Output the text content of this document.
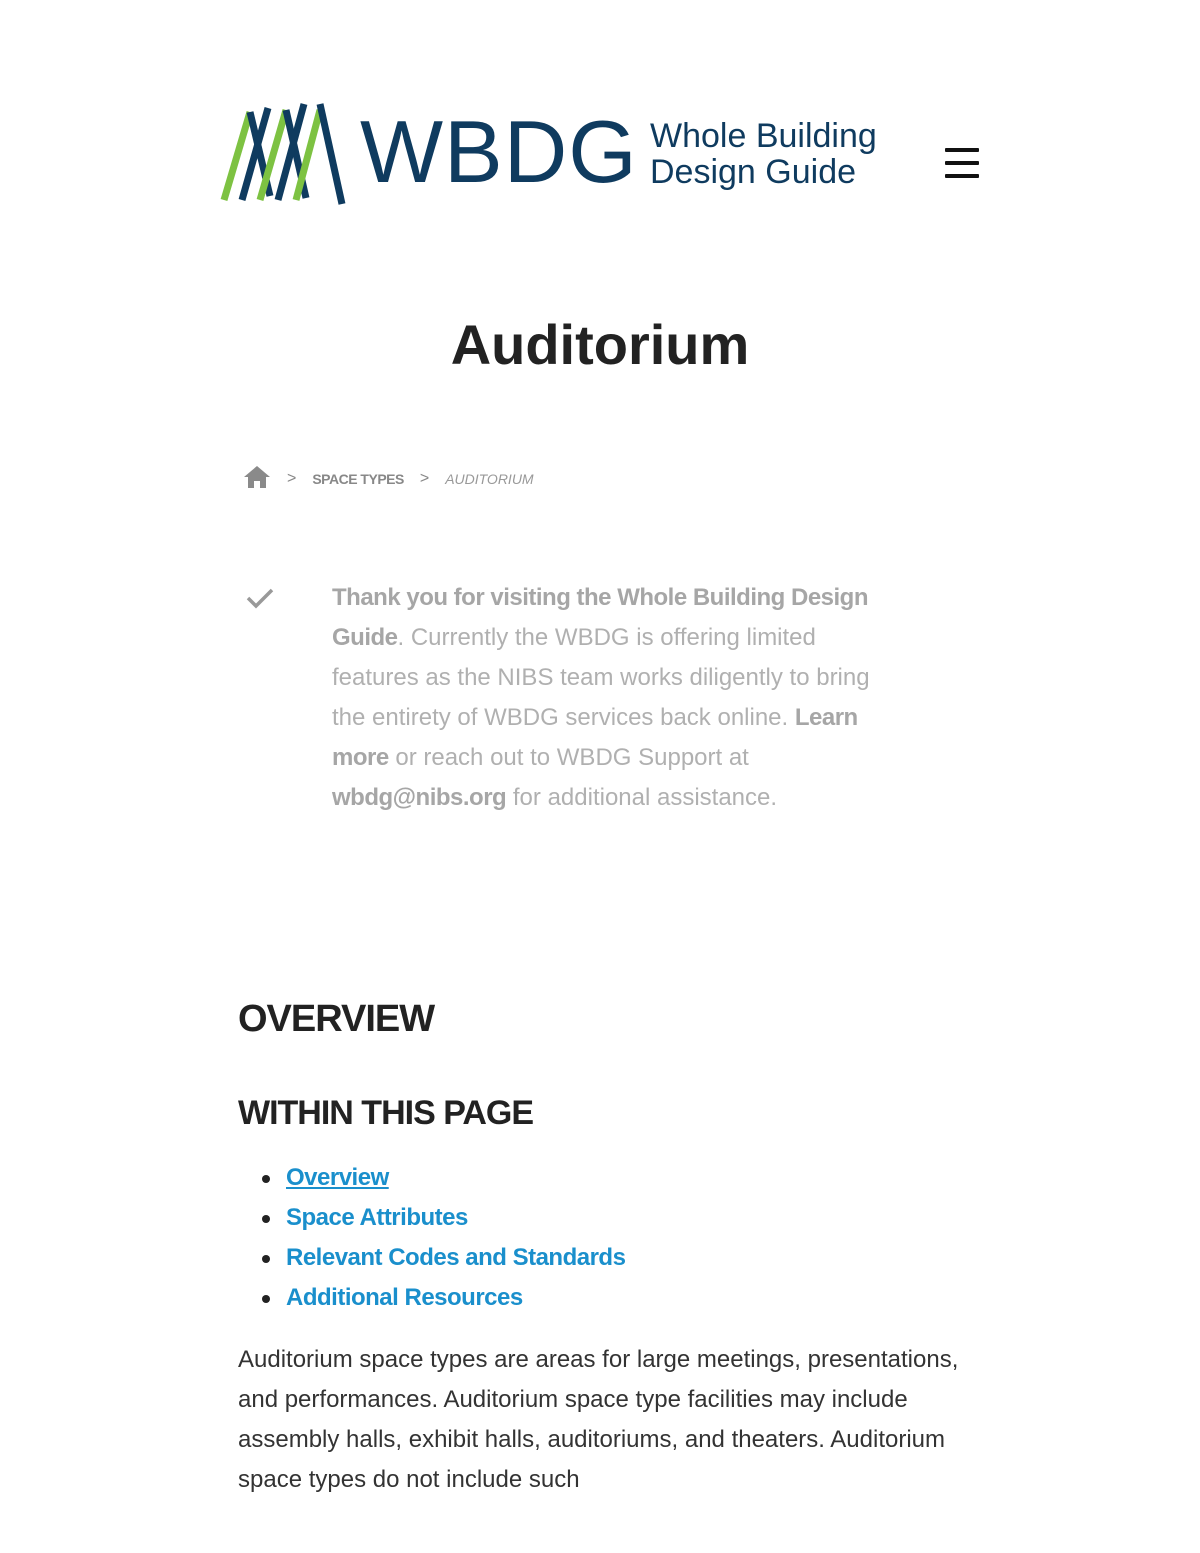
WBDG Whole Building
Design Guide
Auditorium
> SPACE TYPES > AUDITORIUM

Thank you for visiting the Whole Building Design Guide. Currently the WBDG is offering limited features as the NIBS team works diligently to bring the entirety of WBDG services back online. Learn more or reach out to WBDG Support at wbdg@nibs.org for additional assistance.

OVERVIEW
WITHIN THIS PAGE
Overview
Space Attributes
Relevant Codes and Standards
Additional Resources

Auditorium space types are areas for large meetings, presentations, and performances. Auditorium space type facilities may include assembly halls, exhibit halls, auditoriums, and theaters. Auditorium space types do not include such
